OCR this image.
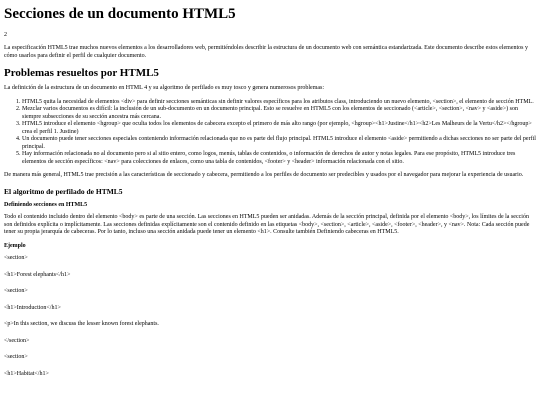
Secciones de un documento HTML5

2

La especificación HTML5 trae muchos nuevos elementos a los desarrolladores web, permitiéndoles describir la estructura de un documento web con semántica estandarizada. Este documento describe estos elementos y cómo usarlos para definir el perfil de cualquier documento.

Problemas resueltos por HTML5

La definición de la estructura de un documento en HTML 4 y su algoritmo de perfilado es muy tosco y genera numerosos problemas:

1. HTML5 quita la necesidad de elementos <div> para definir secciones semánticas sin definir valores específicos para los atributos class, introduciendo un nuevo elemento, <section>, el elemento de sección HTML.
2. Mezclar varios documentos es difícil: la inclusión de un sub-documento en un documento principal. Esto se resuelve en HTML5 con los elementos de seccionado (<article>, <section>, <nav> y <aside>) son siempre subsecciones de su sección ancestra más cercana.
3. HTML5 introduce el elemento <hgroup> que oculta todos los elementos de cabecera excepto el primero de más alto rango (por ejemplo, <hgroup><h1>Justine</h1><h2>Les Malheurs de la Vertu</h2></hgroup> crea el perfil 1. Justine)
4. Un documento puede tener secciones especiales conteniendo información relacionada que no es parte del flujo principal. HTML5 introduce el elemento <aside> permitiendo a dichas secciones no ser parte del perfil principal.
5. Hay información relacionada no al documento pero si al sitio entero, como logos, menús, tablas de contenidos, o información de derechos de autor y notas legales. Para ese propósito, HTML5 introduce tres elementos de sección específicos: <nav> para colecciones de enlaces, como una tabla de contenidos, <footer> y <header> información relacionada con el sitio.

De manera más general, HTML5 trae precisión a las características de seccionado y cabecera, permitiendo a los perfiles de documento ser predecibles y usados por el navegador para mejorar la experiencia de usuario.

El algoritmo de perfilado de HTML5
Definiendo secciones en HTML5

Todo el contenido incluido dentro del elemento <body> es parte de una sección. Las secciones en HTML5 pueden ser anidadas. Además de la sección principal, definida por el elemento <body>, los límites de la sección son definidos explícita o implícitamente. Las secciones definidas explícitamente son el contenido definido en las etiquetas <body>, <section>, <article>, <aside>, <footer>, <header>, y <nav>. Nota: Cada sección puede tener su propia jerarquía de cabeceras. Por lo tanto, incluso una sección anidada puede tener un elemento <h1>. Consulte también Definiendo cabeceras en HTML5.

Ejemplo

<section>

<h1>Forest elephants</h1>

<section>

<h1>Introduction</h1>

<p>In this section, we discuss the lesser known forest elephants.

</section>

<section>

<h1>Habitat</h1>
